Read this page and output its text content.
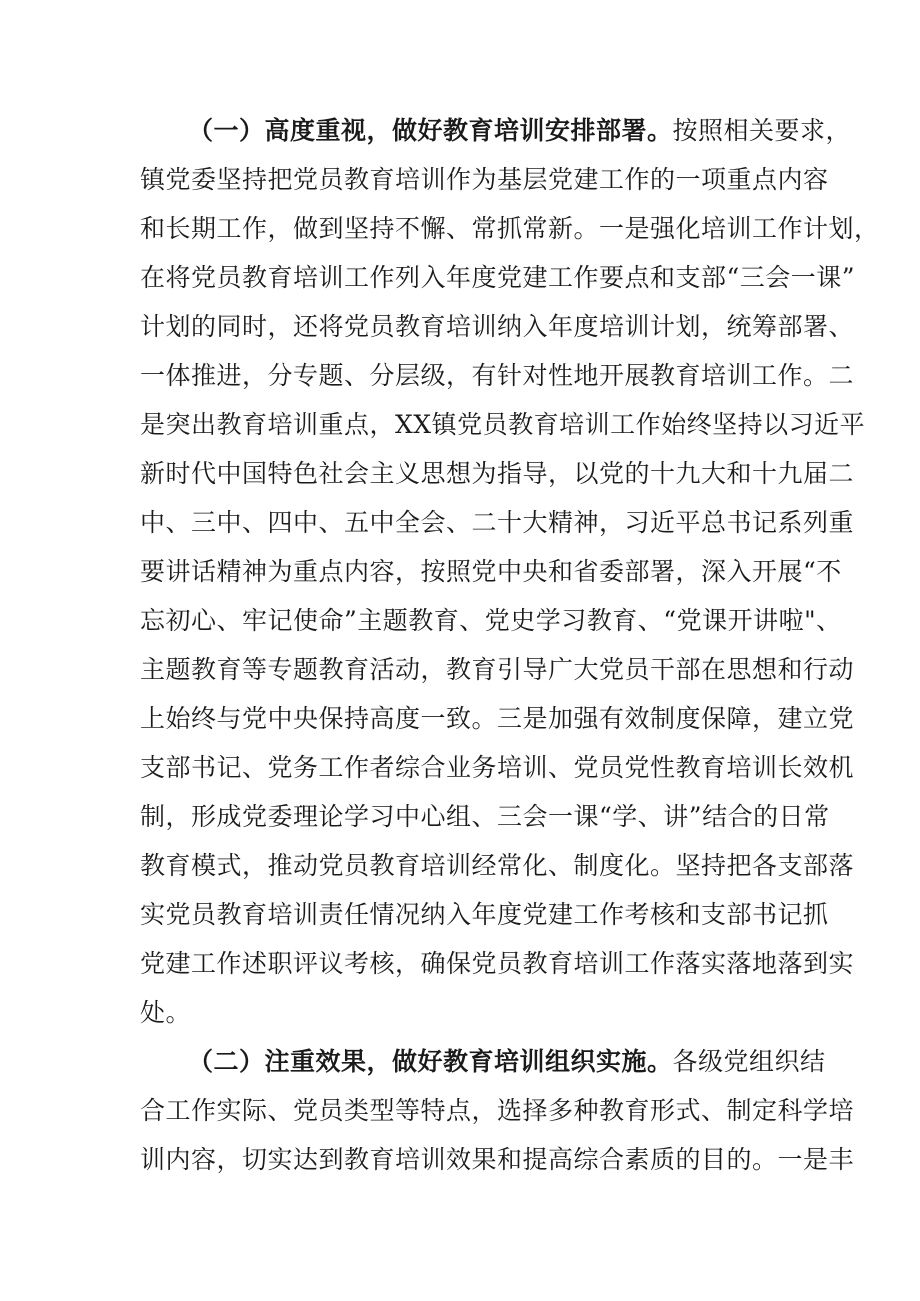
（一）高度重视，做好教育培训安排部署。按照相关要求，
镇党委坚持把党员教育培训作为基层党建工作的一项重点内容
和长期工作，做到坚持不懈、常抓常新。一是强化培训工作计划，
在将党员教育培训工作列入年度党建工作要点和支部“三会一课”
计划的同时，还将党员教育培训纳入年度培训计划，统筹部署、
一体推进，分专题、分层级，有针对性地开展教育培训工作。二
是突出教育培训重点，XX镇党员教育培训工作始终坚持以习近平
新时代中国特色社会主义思想为指导，以党的十九大和十九届二
中、三中、四中、五中全会、二十大精神，习近平总书记系列重
要讲话精神为重点内容，按照党中央和省委部署，深入开展“不
忘初心、牢记使命”主题教育、党史学习教育、“党课开讲啦"、
主题教育等专题教育活动，教育引导广大党员干部在思想和行动
上始终与党中央保持高度一致。三是加强有效制度保障，建立党
支部书记、党务工作者综合业务培训、党员党性教育培训长效机
制，形成党委理论学习中心组、三会一课“学、讲”结合的日常
教育模式，推动党员教育培训经常化、制度化。坚持把各支部落
实党员教育培训责任情况纳入年度党建工作考核和支部书记抓
党建工作述职评议考核，确保党员教育培训工作落实落地落到实
处。
（二）注重效果，做好教育培训组织实施。各级党组织结
合工作实际、党员类型等特点，选择多种教育形式、制定科学培
训内容，切实达到教育培训效果和提高综合素质的目的。一是丰
